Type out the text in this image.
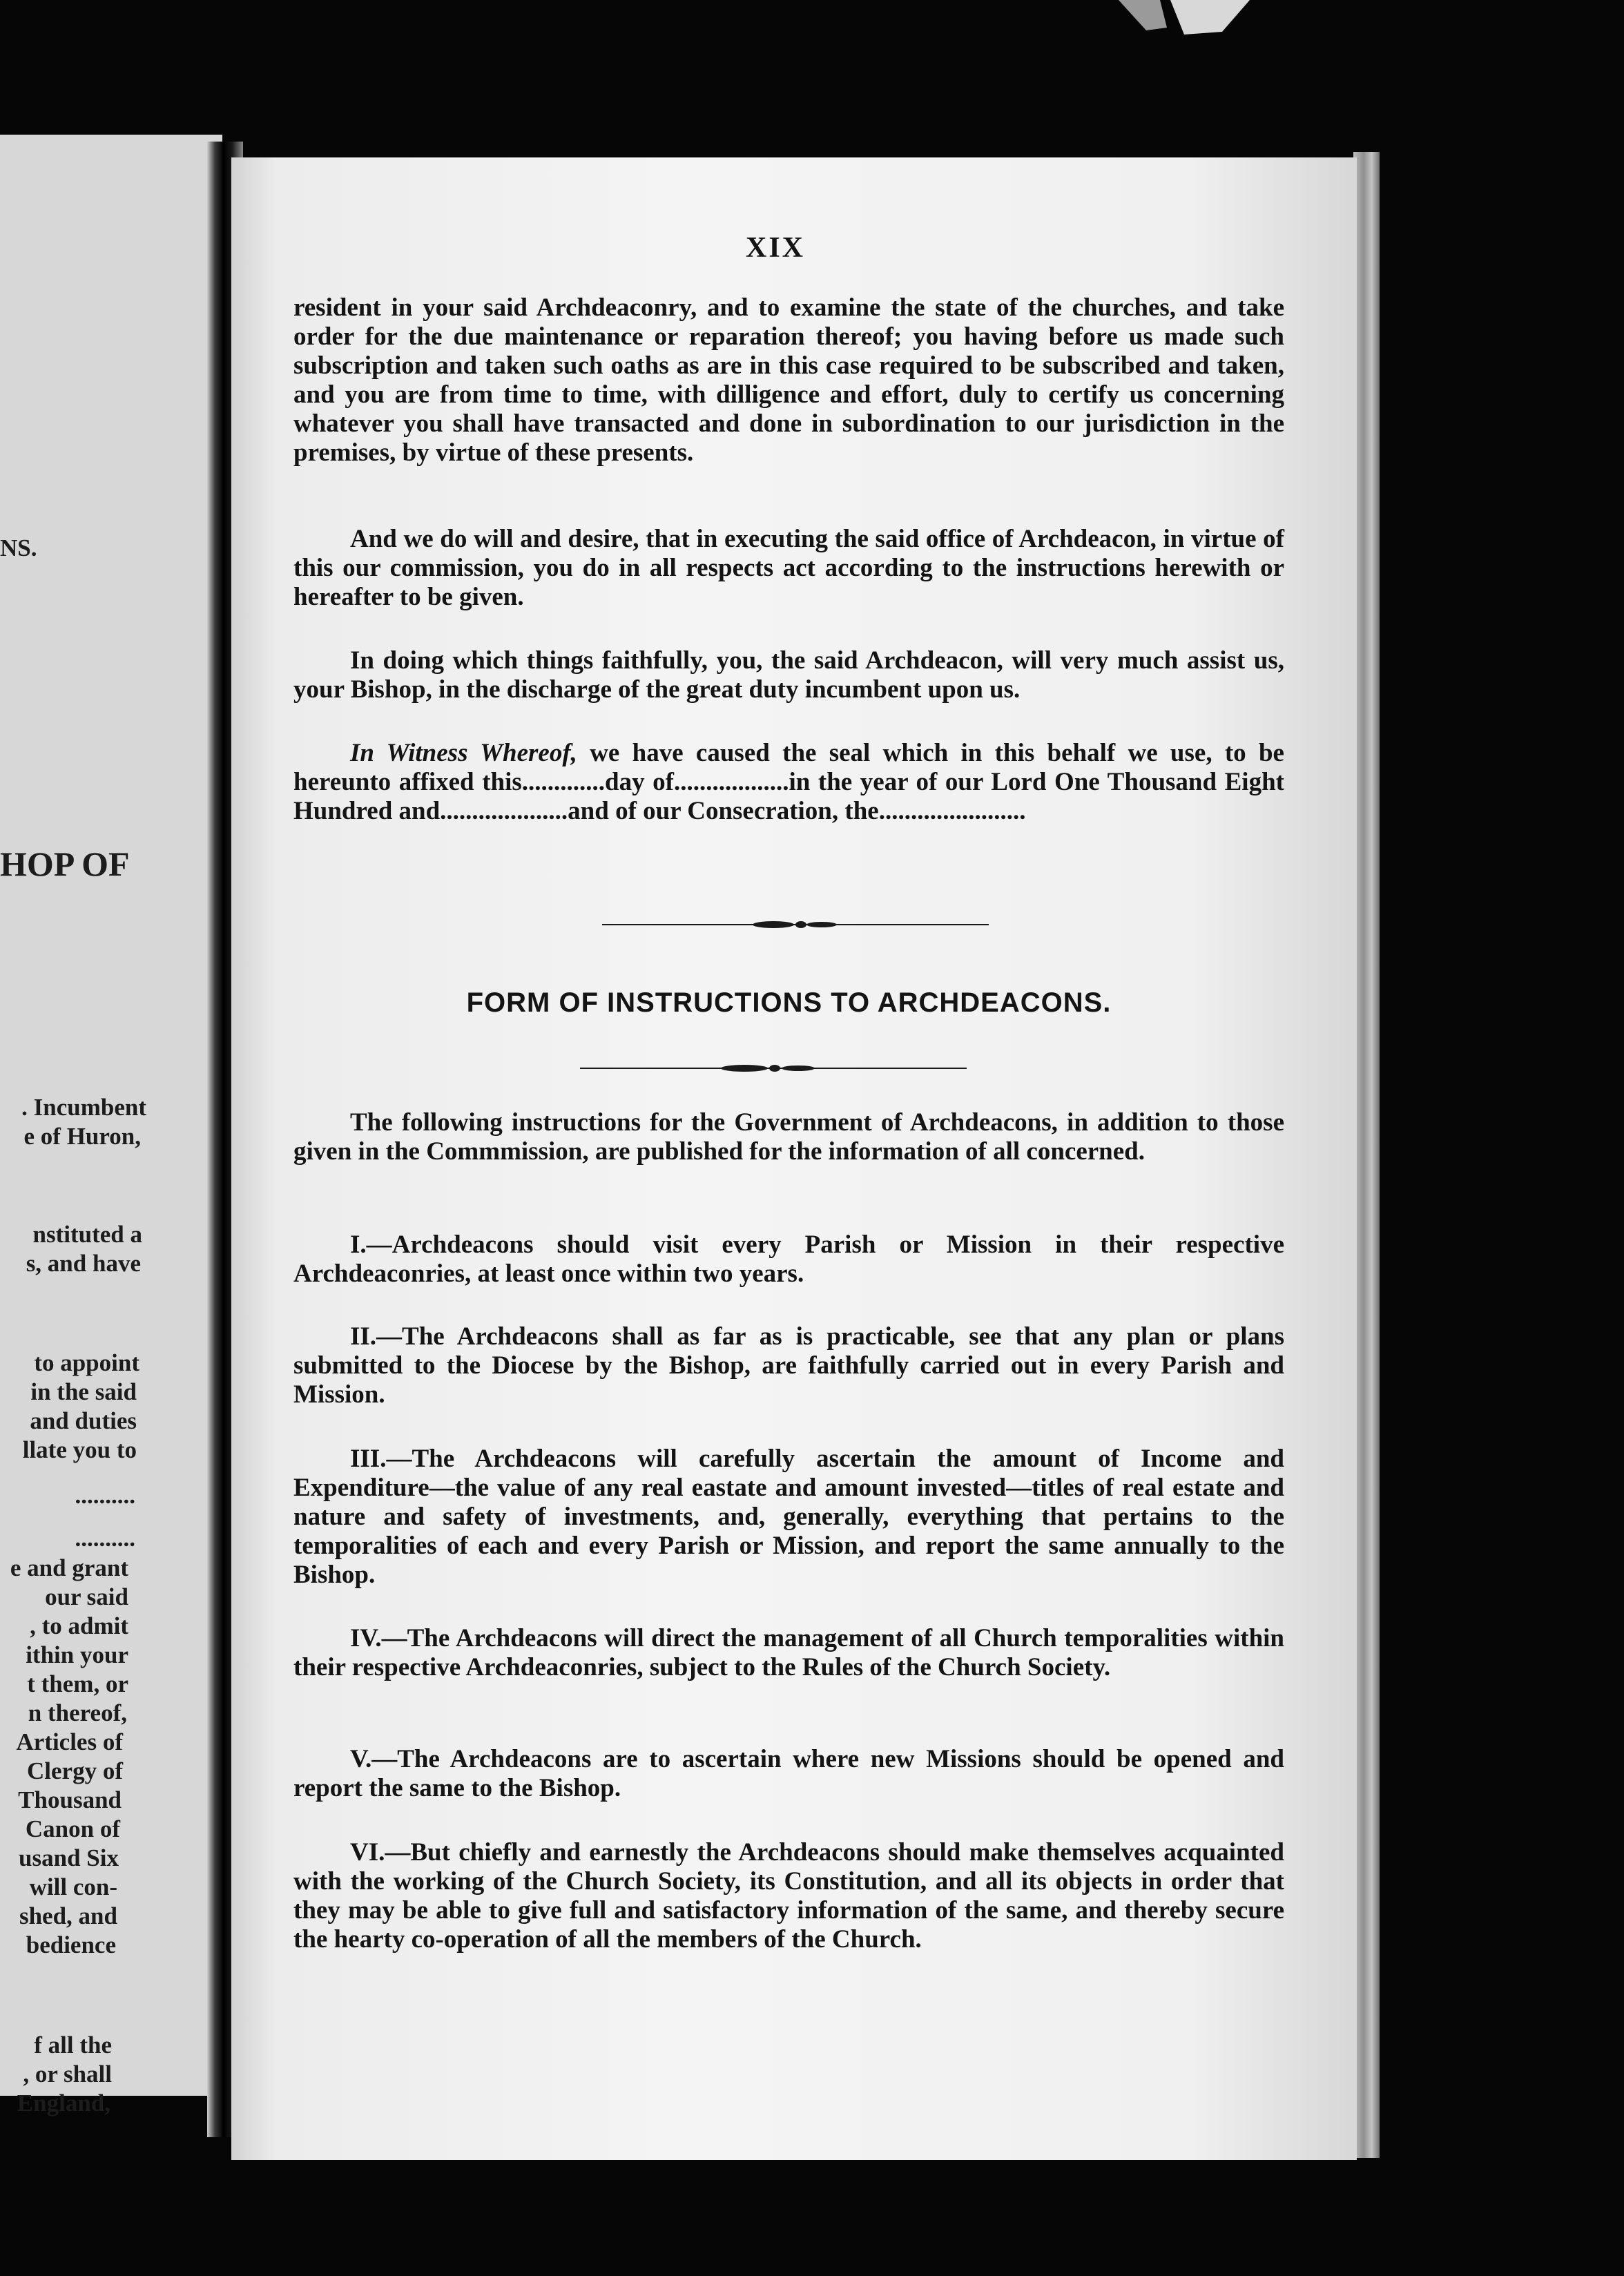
NS.
HOP OF
. Incumbent
e of Huron,
nstituted a
s, and have
to appoint
in the said
and duties
llate you to
..........
..........
e and grant
our said
, to admit
ithin your
t them, or
n thereof,
Articles of
Clergy of
Thousand
Canon of
usand Six
will con-
shed, and
bedience
f all the
, or shall
England,
XIX

resident in your said Archdeaconry, and to examine the state of the churches, and take order for the due maintenance or reparation thereof; you having before us made such subscription and taken such oaths as are in this case required to be subscribed and taken, and you are from time to time, with dilligence and effort, duly to certify us concerning whatever you shall have transacted and done in subordination to our jurisdiction in the premises, by virtue of these presents.

And we do will and desire, that in executing the said office of Archdeacon, in virtue of this our commission, you do in all respects act according to the instructions herewith or hereafter to be given.

In doing which things faithfully, you, the said Archdeacon, will very much assist us, your Bishop, in the discharge of the great duty incumbent upon us.

In Witness Whereof, we have caused the seal which in this behalf we use, to be hereunto affixed this.............day of..................in the year of our Lord One Thousand Eight Hundred and....................and of our Consecration, the.......................

FORM OF INSTRUCTIONS TO ARCHDEACONS.

The following instructions for the Government of Archdeacons, in addition to those given in the Commmission, are published for the information of all concerned.

I.—Archdeacons should visit every Parish or Mission in their respective Archdeaconries, at least once within two years.

II.—The Archdeacons shall as far as is practicable, see that any plan or plans submitted to the Diocese by the Bishop, are faithfully carried out in every Parish and Mission.

III.—The Archdeacons will carefully ascertain the amount of Income and Expenditure—the value of any real eastate and amount invested—titles of real estate and nature and safety of investments, and, generally, everything that pertains to the temporalities of each and every Parish or Mission, and report the same annually to the Bishop.

IV.—The Archdeacons will direct the management of all Church temporalities within their respective Archdeaconries, subject to the Rules of the Church Society.

V.—The Archdeacons are to ascertain where new Missions should be opened and report the same to the Bishop.

VI.—But chiefly and earnestly the Archdeacons should make themselves acquainted with the working of the Church Society, its Constitution, and all its objects in order that they may be able to give full and satisfactory information of the same, and thereby secure the hearty co-operation of all the members of the Church.
